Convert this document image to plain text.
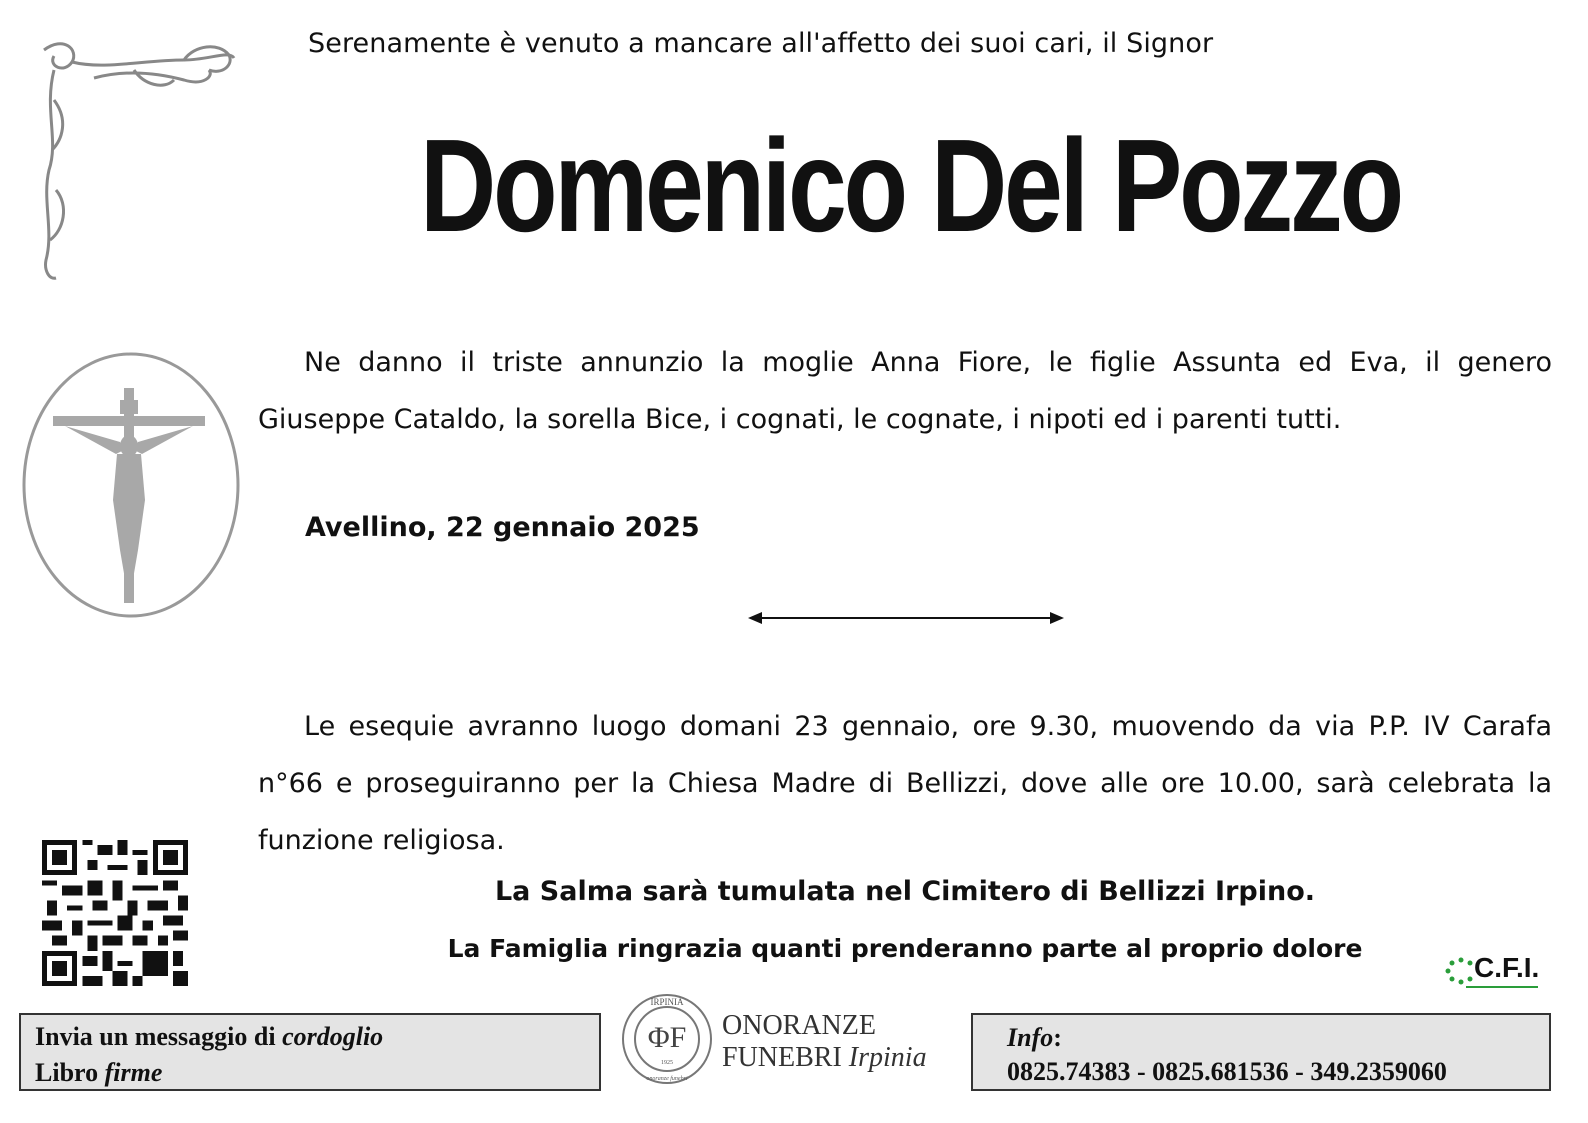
Serenamente è venuto a mancare all'affetto dei suoi cari, il Signor
Domenico Del Pozzo
Ne danno il triste annunzio la moglie Anna Fiore, le figlie Assunta ed Eva, il genero Giuseppe Cataldo, la sorella Bice, i cognati, le cognate, i nipoti ed i parenti tutti.
Avellino, 22 gennaio 2025
Le esequie avranno luogo domani 23 gennaio, ore 9.30, muovendo da via P.P. IV Carafa n°66 e proseguiranno per la Chiesa Madre di Bellizzi, dove alle ore 10.00, sarà celebrata la funzione religiosa.
La Salma sarà tumulata nel Cimitero di Bellizzi Irpino.
La Famiglia ringrazia quanti prenderanno parte al proprio dolore
C.F.I.
Invia un messaggio di cordoglio
Libro firme
IRPINIA
ΦF
1925
onoranze funebri
ONORANZE
FUNEBRI Irpinia
Info:
0825.74383 - 0825.681536 - 349.2359060
